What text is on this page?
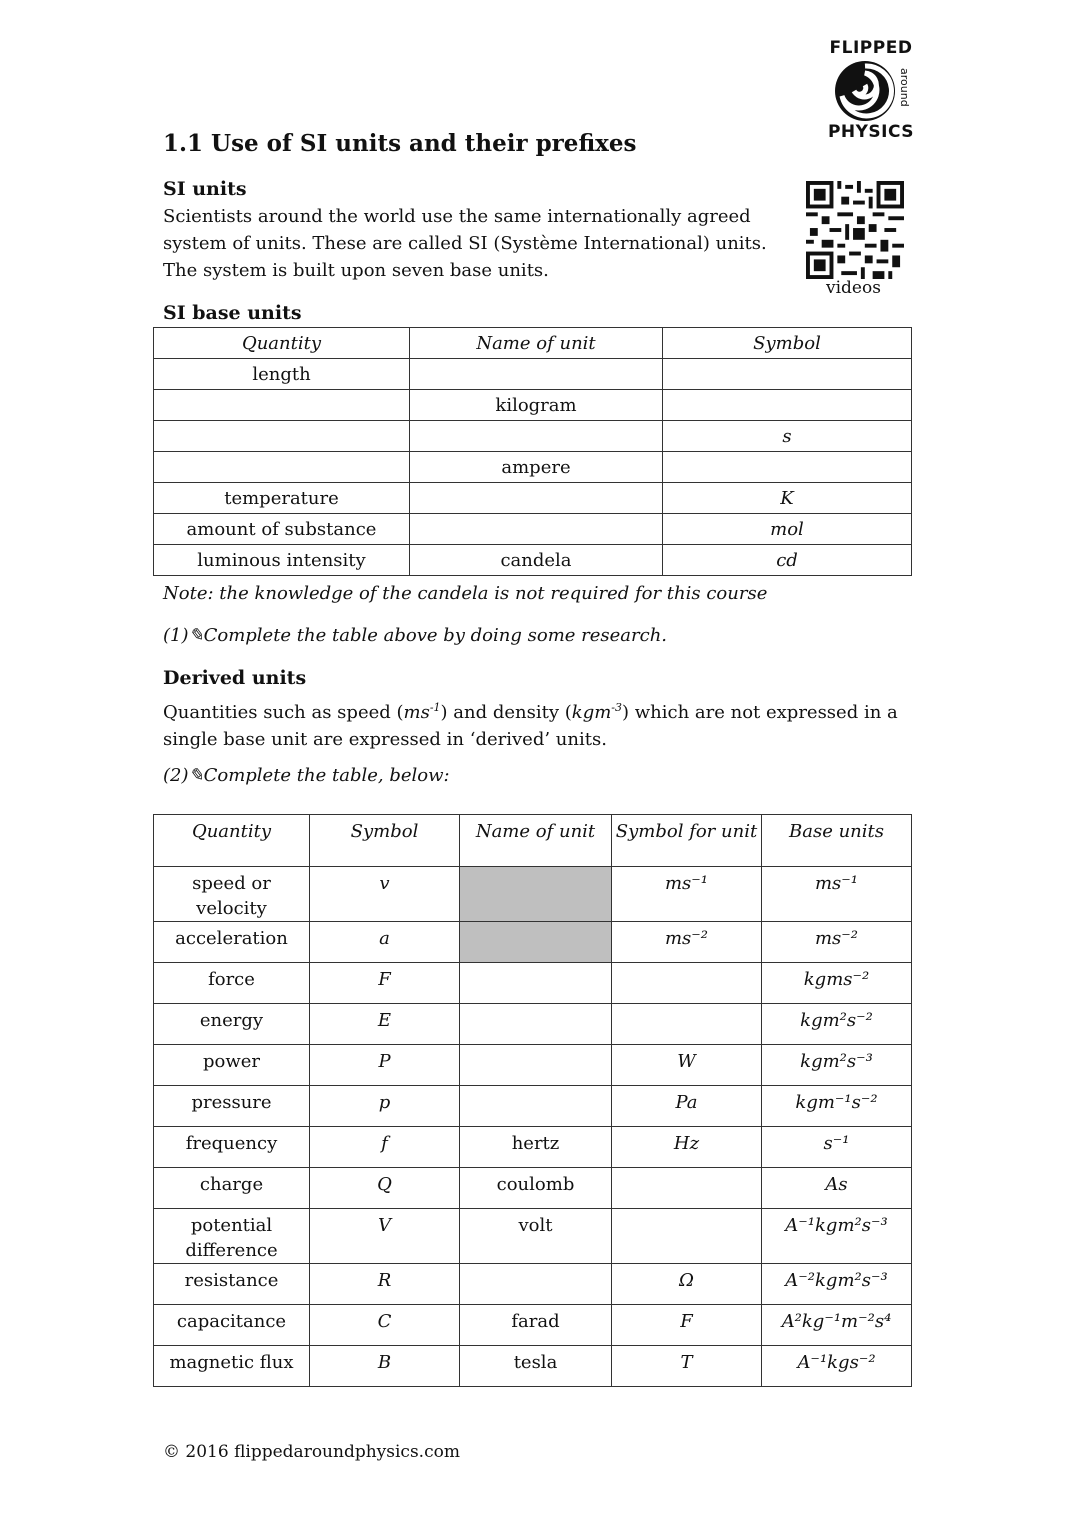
FLIPPED
around
PHYSICS
1.1 Use of SI units and their prefixes
SI units
Scientists around the world use the same internationally agreed
system of units. These are called SI (Système International) units.
The system is built upon seven base units.
videos
SI base units
Quantity	Name of unit	Symbol
length		
	kilogram	
		s
	ampere	
temperature		K
amount of substance		mol
luminous intensity	candela	cd
Note: the knowledge of the candela is not required for this course
(1)✎Complete the table above by doing some research.
Derived units
Quantities such as speed $(ms^{-1})$ and density (kgm$^{-3}$) which are not expressed in a
single base unit are expressed in ‘derived’ units.
(2)✎Complete the table, below:
Quantity	Symbol	Name of unit	Symbol for unit	Base units
speed or velocity	v		ms⁻¹	ms⁻¹
acceleration	a		ms⁻²	ms⁻²
force	F			kgms⁻²
energy	E			kgm²s⁻²
power	P		W	kgm²s⁻³
pressure	p		Pa	kgm⁻¹s⁻²
frequency	f	hertz	Hz	s⁻¹
charge	Q	coulomb		As
potential difference	V	volt		A⁻¹kgm²s⁻³
resistance	R		Ω	A⁻²kgm²s⁻³
capacitance	C	farad	F	A²kg⁻¹m⁻²s⁴
magnetic flux	B	tesla	T	A⁻¹kgs⁻²
© 2016 flippedaroundphysics.com
